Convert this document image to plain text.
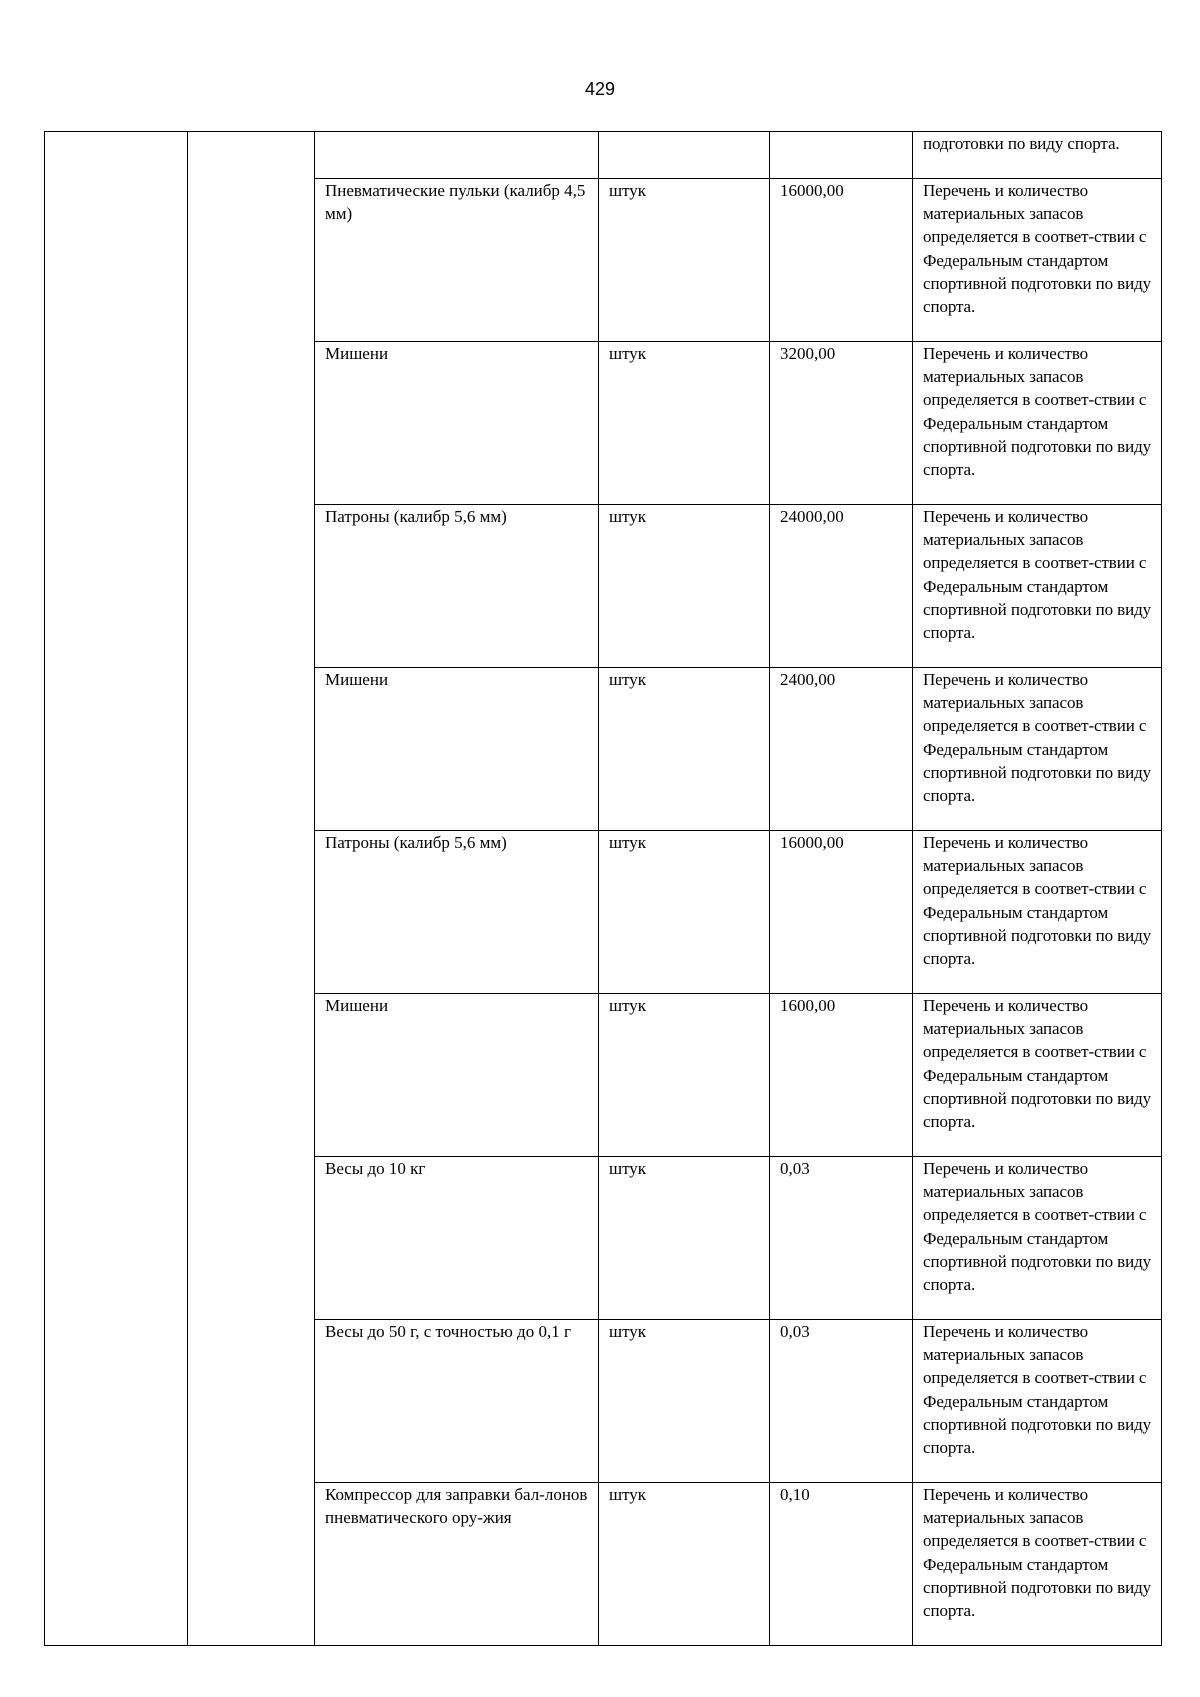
429

					подготовки по виду спорта.

		Пневматические пульки (калибр 4,5 мм)	штук	16000,00	Перечень и количество материальных запасов определяется в соответ-ствии с Федеральным стандартом спортивной подготовки по виду спорта.

		Мишени	штук	3200,00	Перечень и количество материальных запасов определяется в соответ-ствии с Федеральным стандартом спортивной подготовки по виду спорта.

		Патроны (калибр 5,6 мм)	штук	24000,00	Перечень и количество материальных запасов определяется в соответ-ствии с Федеральным стандартом спортивной подготовки по виду спорта.

		Мишени	штук	2400,00	Перечень и количество материальных запасов определяется в соответ-ствии с Федеральным стандартом спортивной подготовки по виду спорта.

		Патроны (калибр 5,6 мм)	штук	16000,00	Перечень и количество материальных запасов определяется в соответ-ствии с Федеральным стандартом спортивной подготовки по виду спорта.

		Мишени	штук	1600,00	Перечень и количество материальных запасов определяется в соответ-ствии с Федеральным стандартом спортивной подготовки по виду спорта.

		Весы до 10 кг	штук	0,03	Перечень и количество материальных запасов определяется в соответ-ствии с Федеральным стандартом спортивной подготовки по виду спорта.

		Весы до 50 г, с точностью до 0,1 г	штук	0,03	Перечень и количество материальных запасов определяется в соответ-ствии с Федеральным стандартом спортивной подготовки по виду спорта.

		Компрессор для заправки бал-лонов пневматического ору-жия	штук	0,10	Перечень и количество материальных запасов определяется в соответ-ствии с Федеральным стандартом спортивной подготовки по виду спорта.
